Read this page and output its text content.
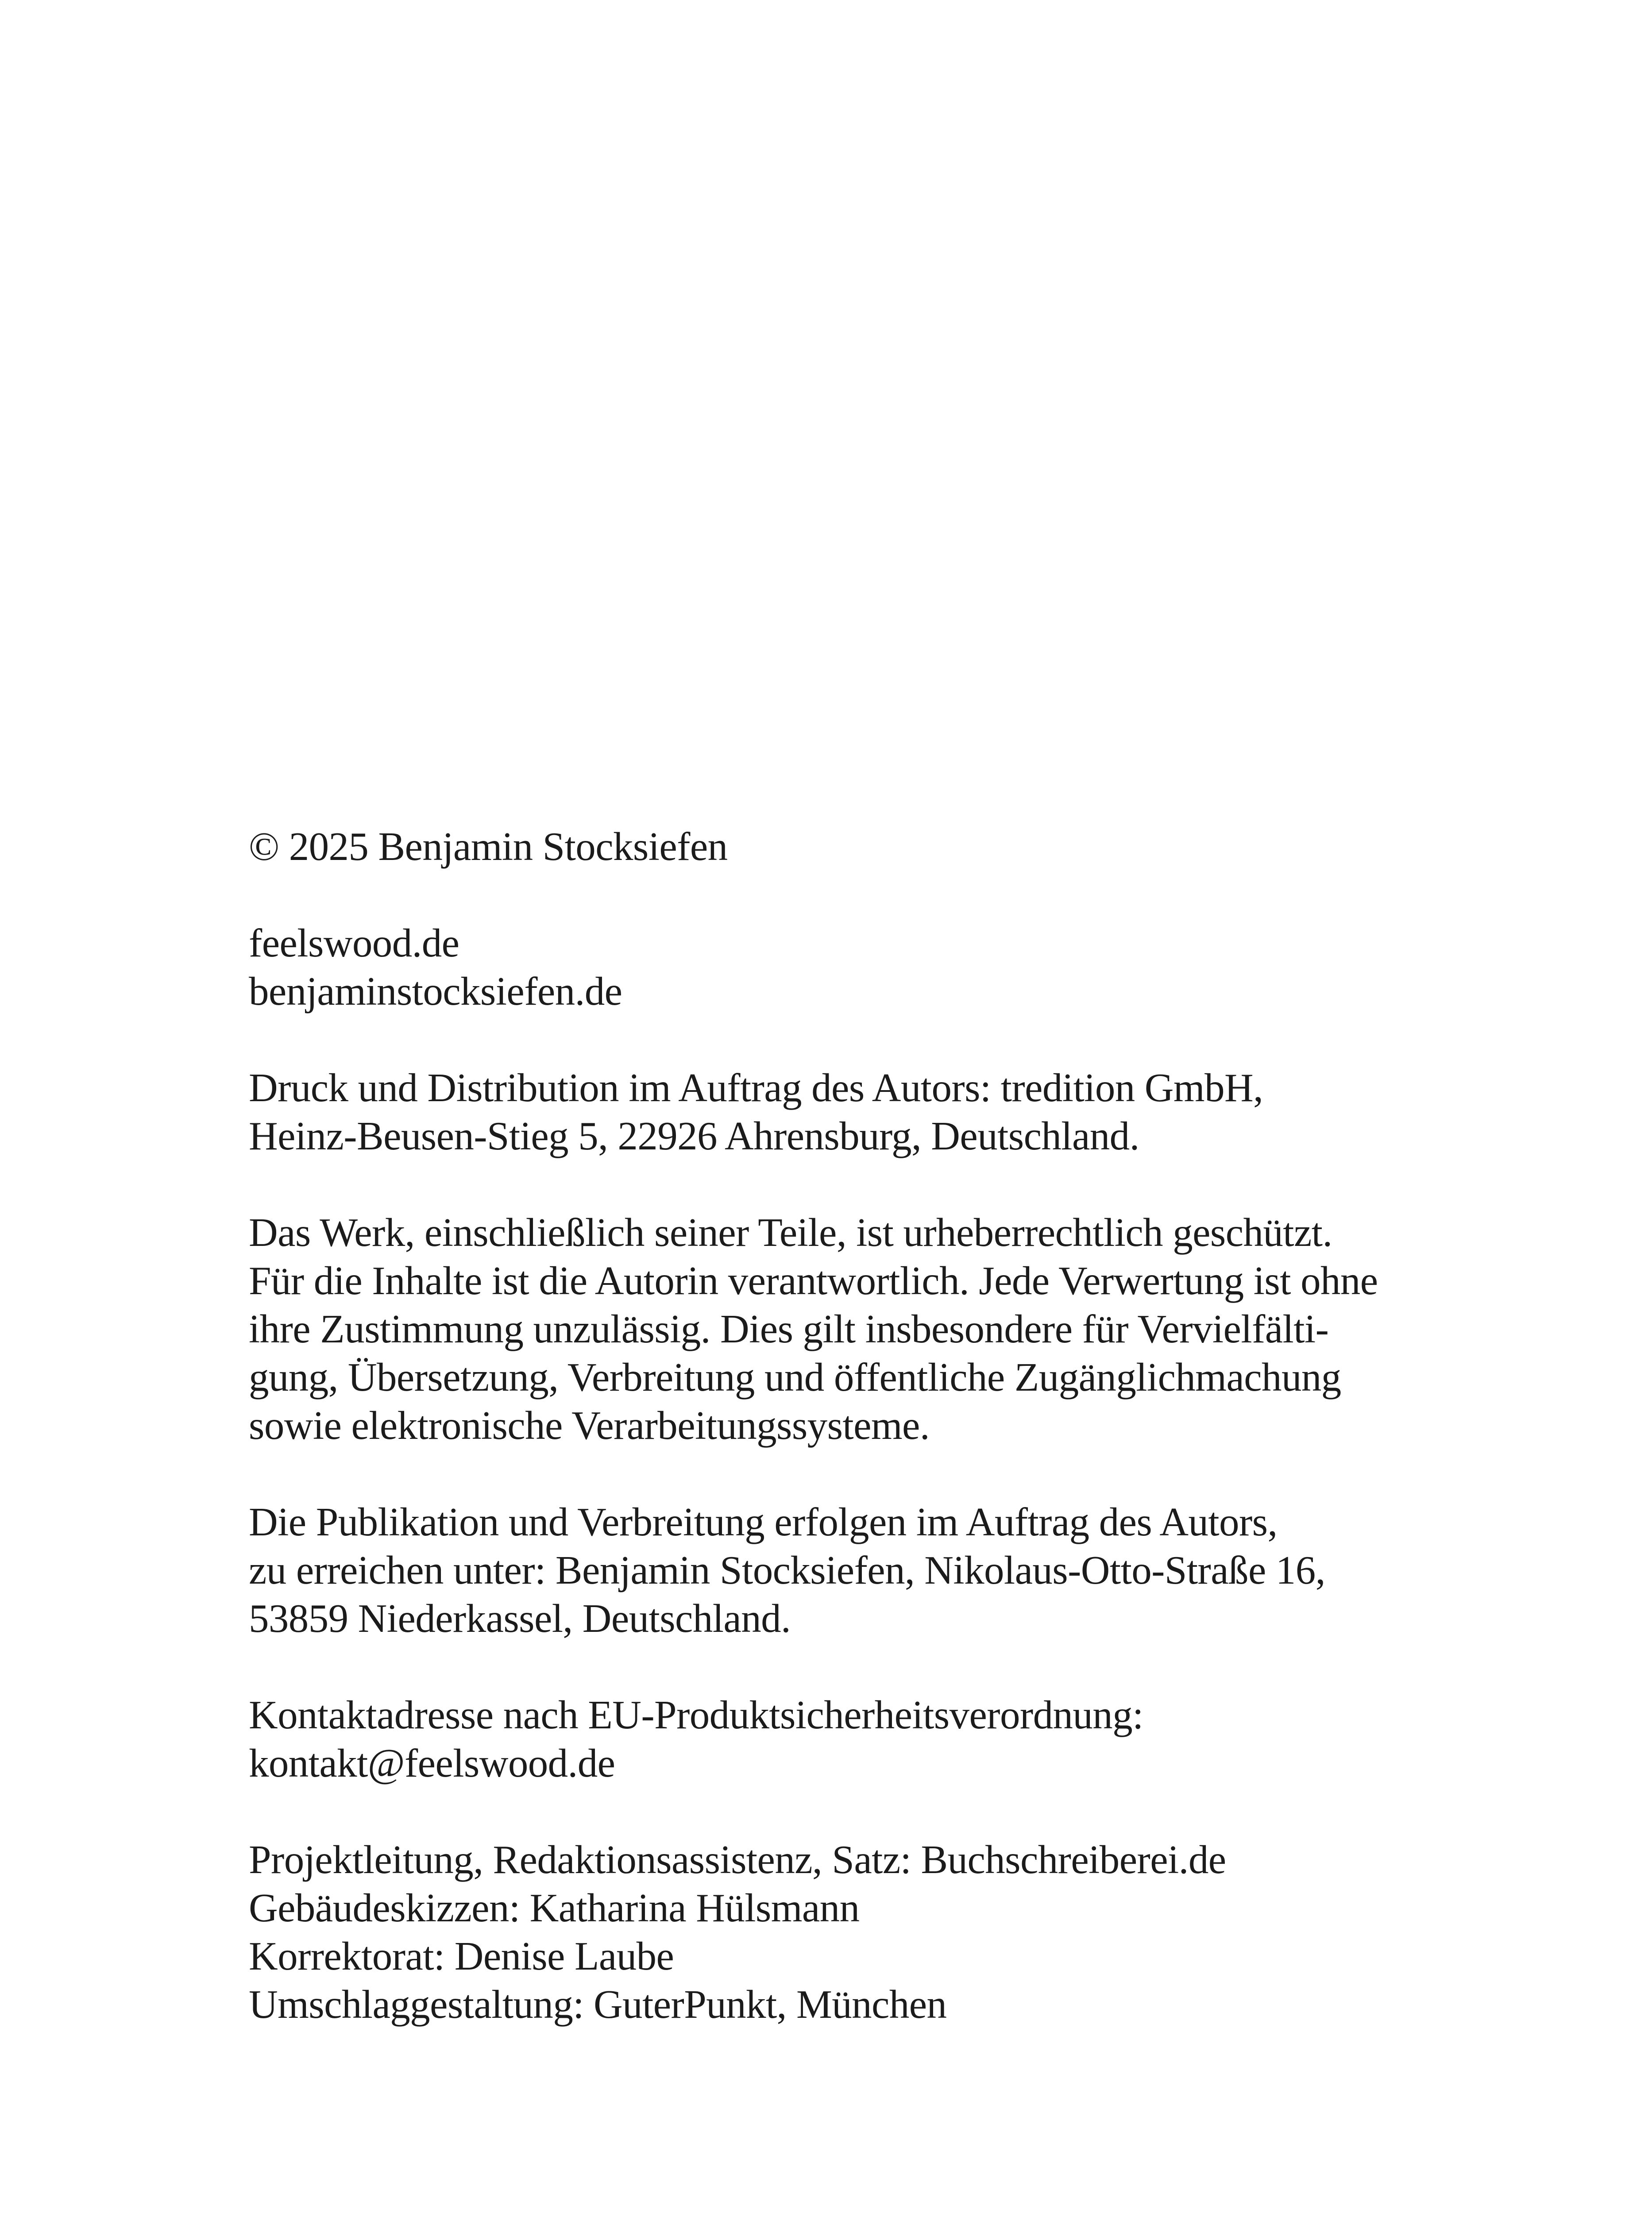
© 2025 Benjamin Stocksiefen
feelswood.de
benjaminstocksiefen.de
Druck und Distribution im Auftrag des Autors: tredition GmbH,
Heinz-Beusen-Stieg 5, 22926 Ahrensburg, Deutschland.
Das Werk, einschließlich seiner Teile, ist urheberrechtlich geschützt.
Für die Inhalte ist die Autorin verantwortlich. Jede Verwertung ist ohne
ihre Zustimmung unzulässig. Dies gilt insbesondere für Vervielfälti-
gung, Übersetzung, Verbreitung und öffentliche Zugänglichmachung
sowie elektronische Verarbeitungssysteme.
Die Publikation und Verbreitung erfolgen im Auftrag des Autors,
zu erreichen unter: Benjamin Stocksiefen, Nikolaus-Otto-Straße 16,
53859 Niederkassel, Deutschland.
Kontaktadresse nach EU-Produktsicherheitsverordnung:
kontakt@feelswood.de
Projektleitung, Redaktionsassistenz, Satz: Buchschreiberei.de
Gebäudeskizzen: Katharina Hülsmann
Korrektorat: Denise Laube
Umschlaggestaltung: GuterPunkt, München
